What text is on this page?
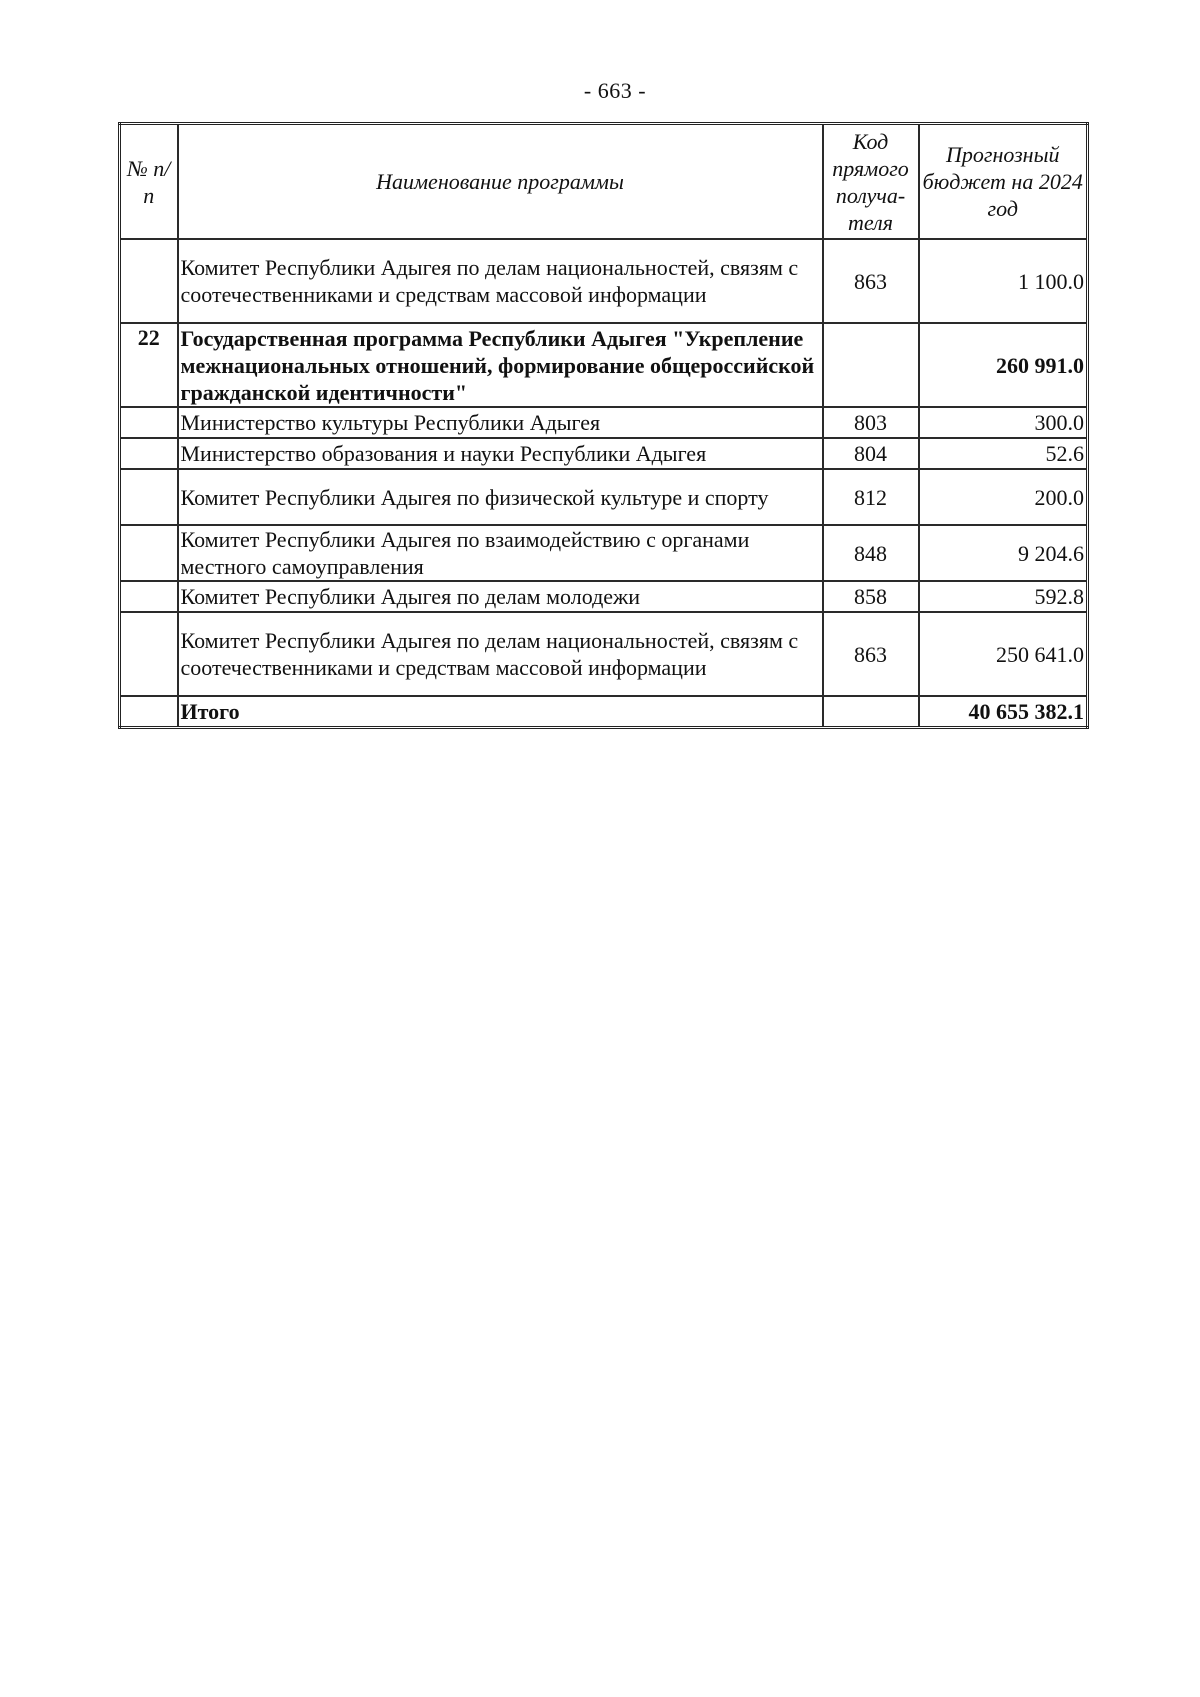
- 663 -
№ п/п	Наименование программы	Код прямого получа- теля	Прогнозный бюджет на 2024 год
	Комитет Республики Адыгея по делам национальностей, связям с соотечественниками и средствам массовой информации	863	1 100.0
22	Государственная программа Республики Адыгея "Укрепление межнациональных отношений, формирование общероссийской гражданской идентичности"		260 991.0
	Министерство культуры Республики Адыгея	803	300.0
	Министерство образования и науки Республики Адыгея	804	52.6
	Комитет Республики Адыгея по физической культуре и спорту	812	200.0
	Комитет Республики Адыгея по взаимодействию с органами местного самоуправления	848	9 204.6
	Комитет Республики Адыгея по делам молодежи	858	592.8
	Комитет Республики Адыгея по делам национальностей, связям с соотечественниками и средствам массовой информации	863	250 641.0
	Итого		40 655 382.1
